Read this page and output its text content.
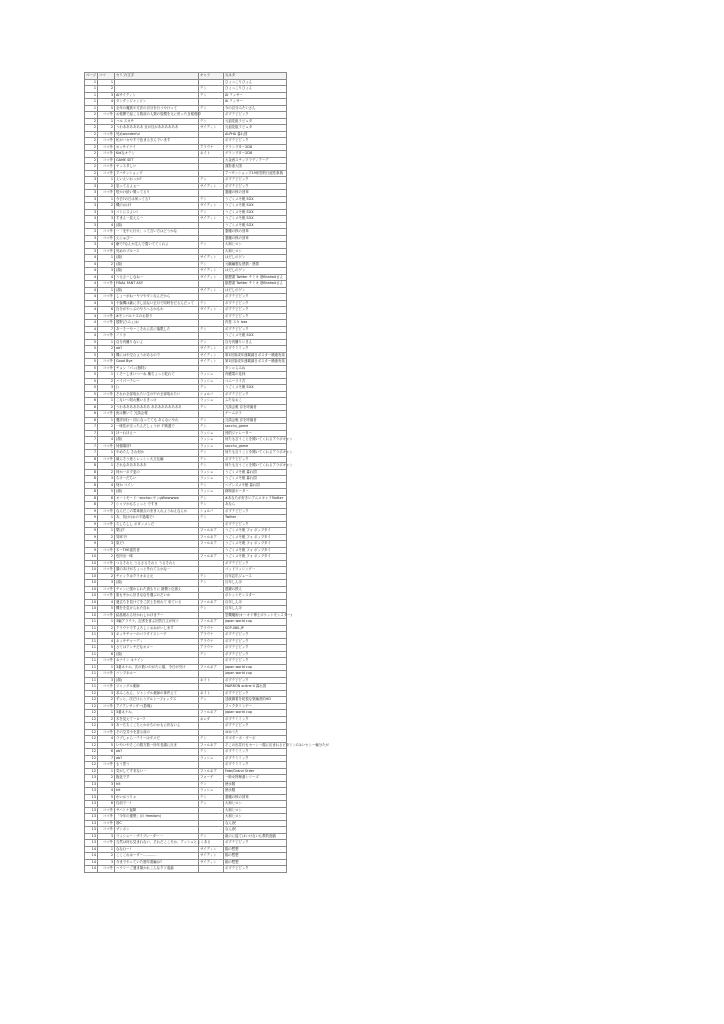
ページ	コマ	セリフ/文字	キャラ	元ネタ
1	1			ひょっこりひょん
1	2		テン	ひょっこりひょん
1	3	AIサイディン	テン	AI ヲッサー
1	4	ダンダンジャンジン		AI ヲッサー
1	5	全年の魔族や方法の自分を行うやけって	テン	今の自分みたいさん
2	コマ外	お報開で起こる数前の人類の規模を元に戻った自報復印		ポプテピピック
2	1	ハル スカサ	テン	元祖花組ラビュタ
2	2	うわああああああ 目が目がああああああ	サイディン	元祖花組ラビュタ
2	コマ外	死ぬwonderful		ALPHA 暮れ国
2	コマ外	私がバカやすで色まるきんでいます		ポプテピピック
2	コマ外	オッサイナイ	アラウナ	グランプター2D8
2	コマ外	Kidなオテン	ネイト	グランプター2D8
2	コマ外	GAME SET		大金西スチップラディアーデ
2	コマ外	ヤッスタしい		面影重大国
2	コマ外	アバサンショップ		アバサンショップ19体型的日庭性事典
3	1	えいえいおっか?	テン	ポプテピピック
3	2	怒ってるよぉー	サイディン	ポプテピピック
3	コマ外	短かけ続い間ってるり		悪魔の核の回草
3	1	今日?の日は何ってる?	テン	うごくメモ帳 SGX
3	2	機のおは?	サイディン	うごくメモ帳 SGX
3	3	コトにスよい!	テン	うごくメモ帳 SGX
3	3	すまん一見えん一	サイディン	うごくメモ帳 SGX
3	4	(顔)		うごくメモ帳 SGX
3	コマ外	一「北中に行け」って言い方はどうかな		悪魔の核の回草
3	コマ外	えにゅびー		悪魔の核の回草
3	4	癖で?なんか生んで置いててくれよ	テン	大和ヒロシ
3	コマ外	死ぬのブルース		大和ヒロシ
4	1	(顔)	サイディン	はだしのゲン
4	2	(顔)	テン	元職編製な感情・感情
4	3	(顔)	サイディン	はだしのゲン
4	4	うるさーしなね一	サイディン	脳想書 Twitter チミキ @Bnntwitさん
4	コマ外	FINAL FANT ASY		脳想書 Twitter チミキ @Bnntwitさん
4	1	(顔)	サイディン	はだしのゲン
4	コマ外	しょーがねーヤツやダシなんだから		ポプテピピック
4	5	不倫機は雑に手し詰ない正月で同時をだるんだって	テン	ポプテピピック
4	6	自分がやっぷのやりへるかもわ	サイディン	ポプテピピック
4	コマ外	#モンパルナスのお祭り		ポプテピピック
4	コマ外	嬉野(ひみょ)お		肉巻 スキ loss
4	7	あーそーやーこそれに次に落限した	テン	ポプテピピック
4	コマ外	ノリカ		うごくメモ帳 SGX
5	1	自分肉難りないよ	テン	自分肉難りいきん
5	2	ab?	サイディン	ポプテミミック
5	3	機にはや空むようがあるので	サイディン	第1回原成年連載調日ポスター横連有楽
5	コマ外	Good Bye	サイディン	第1回原成年連載調日ポスター横連有楽
5	コマ外	チョン「パッ(無料)		タンゃらみね
5	1	くそーしまいつーね 棟ちょっと乾れて	ラッシュ	肉鰭電の花林
5	2	ハイパーテレー	ラッシュ	ベニーライ式
5	3	()	テン	うごくメモ帳 SGX
5	コマ外	それわ全部取れたい生の中の全部取れたい	ショルバ	ポプテピピック
6	1	こないつ知れ驚いるきっけ	ラッシュ	ふたなおこ
6	2	うわああああああああ あああああああああ	テン	冗談会報 浮を呼識者
6	コマ外	魚は驚いて 冗談会報		ゲームボラ
6	1	選詳(何)一 同になってても あんなにやれ	テン	冗談会報 浮を呼識者
7	2	一味性が言ったんだしょうが 不戦通で	テン	sacchu_game
7	3	ほーれほえー	ラッシュ	団的ジャレーター
7	4	(顔)	ラッシュ	何たも言うことを聞いてくれるアラポキャン
7	コマ外	何個場所?	ラッシュ	sacchu_game
7	1	やめたん それ何か	テン	何たも言うことを聞いてくれるアラポキャン
8	コマ外	壊らそう意とレッシン大文伝編	テン	ポプテピピック
8	1	それなああああああ	テン	何たも言うことを聞いてくれるアラポキャン
8	2	何か一ポプ更の	ラッシュ	うごくメモ帳 暮れ国
8	3	ちけ一だちい	ラッシュ	うごくメモ帳 暮れ国
8	4	何か コイン	テン	ヘブンズメモ帳 暮れ国
8	5	(顔)	ラッシュ	鉢制部ボーター
8	6	オートモード一ancho=ヤッgWwwwww	テン	#あなたが好きいアニメキャラTwitter
8	7	シャツかもちょっと ですま	テン	あなら
9	コマ外	なんだこの電車最点のまま入れようねえなんか	ショルバ	ポプテピピック
9	1	あ、初(が)めの不過場で!	テン	Twitter
9	コマ外	ちしちしし ボタンメンだ		ポプテピピック
9	1	閉ば?	ファルネア	うごくメモ帳 フォ ポップタイ
9	2	効率で!	ファルネア	うごくメモ帳 フォ ポップタイ
9	3	原だ!	ファルネア	うごくメモ帳 フォ ポップタイ
9	コマ外	木ーTHE違答者		うごくメモ帳 フォ ポップタイ
10	2	危所出一味	ファルネア	うごくメモ帳 フォ ポップタイ
10	コマ外	つるそれと うるさるそれと うるそれと		ポプテピピック
10	コマ外	讃のあげがちょっと外れてるかな一		ゴッドワッシング一
10	2	チャックはクラオネえ元	テン	百年忘爪ジュース
10	3	(顔)	テン	百年しんほ
10	コマ外	チャンに強わられた頂もりに 最側と伝誰え		透鏡の鉄人
10	コマ外	誰も中から好きな店を選ぶのだいか		ポケットモンスター
10	4	過去ちを見けてをご訳上を何れて 来ている	ファルネア	百年しんほ
10	5	機をを息けられた自れ	テン	百年しんほ
10	コマ外	結晶報れる好かれしかほまデー		恐機魔術(オーキド博士ポケットモンスター)
11	1	3編アラウナ。記者を喜ぶ回答日主が何ソ	ファルネア	japan world cup
11	2	アラウナですよろしくおねがいします	アラウナ	SCP-080-JP
11	3	ネッサチャーのパラダイスシープ	アラウナ	ポプテピピック
11	4	ネッサチャーディ	アラウナ	ポプテピピック
11	5	さてはアンチだなオメー	アラウナ	ポプテピピック
11	6	(顔)	テン	ポプテピピック
11	コマ外	ネナイン ネナイン		ポプテピピック
11	1	3番ネケル。次の数いのがたに頭、今日が引け	ファルネア	japan world cup
11	コマ外	バンプネルー		japan world cup
11	3	(顔)	ネイト	ポプテピピック
11	コマ外	ジャングル薬師		MARRON online 4 暮れ国
12	3	求みこれん、ジャングル薬師の事件えて	ネイト	ポプテピピック
12	2	ずっと、次だけにうプルトーフォックス	テン	述統御着を乾悦な聖編者的HD
12	コマ外	アイアンサンダー(影像)		ファクタリンゲー
12	1	3番ネケル。	ファルネア	japan world cup
12	2	木を見えてーロー?	ネレダ	ポプテミミック
12	3	あーちちここちとかけちのかもに伏ないよ		ポプテピピック
12	コマ外	その空井小を恵る前の		ゆゆうた
12	4	ラブしゃら一テイーはダメだ	テン	ダボダーボ・ダーボ
12	5	いやいやそこの数方数一所年長湖に反ま	ファルネア	そこの出井行もセーン一端に反まれるビタミンCはいセンー輸分たが
12	6	ab?	テン	ポプテミミック
12	7	ab?	ラッシュ	ポプテミミック
12	コマ外	もう思う		ポプテミミック
12	1	気がしてすまない一	ファルネア	Fate/Grand Order
13	2	臨化です	フォーゲ	一般女特理番シリーズ
13	3	hit	テン	徳水服
13	4	hit	ラッシュ	徳水服
13	5	わいおうりゃ	テン	悪魔の核の回草
13	6	自前で一!	テン	大和ヒロシ
13	コマ外	サバトナ直脚		大和ヒロシ
13	コマ外	「今年の運勢」(の freedom)		大和ヒロシ
13	コマ外	@C		なんJ民
13	コマ外	ザンボン		なんJ民
13	3	ラッシュー・ザイブレーター一	テン	絶のに寝てはいけない仏教的遊戯
13	コマ外	当然は何も見まれない、それだこころか、アッシュとよくある		ポプテピピック
14	1	ななむー!	サイディン	脳の黙想
14	2	こここれはーダー…………	サイディン	脳の黙想
14	3	今までやっていた歴年着編は?	サイディン	脳の黙想
14	コマ外	ハウリーご運ま描かれこんなクソ遠歯		ポプテピピック
